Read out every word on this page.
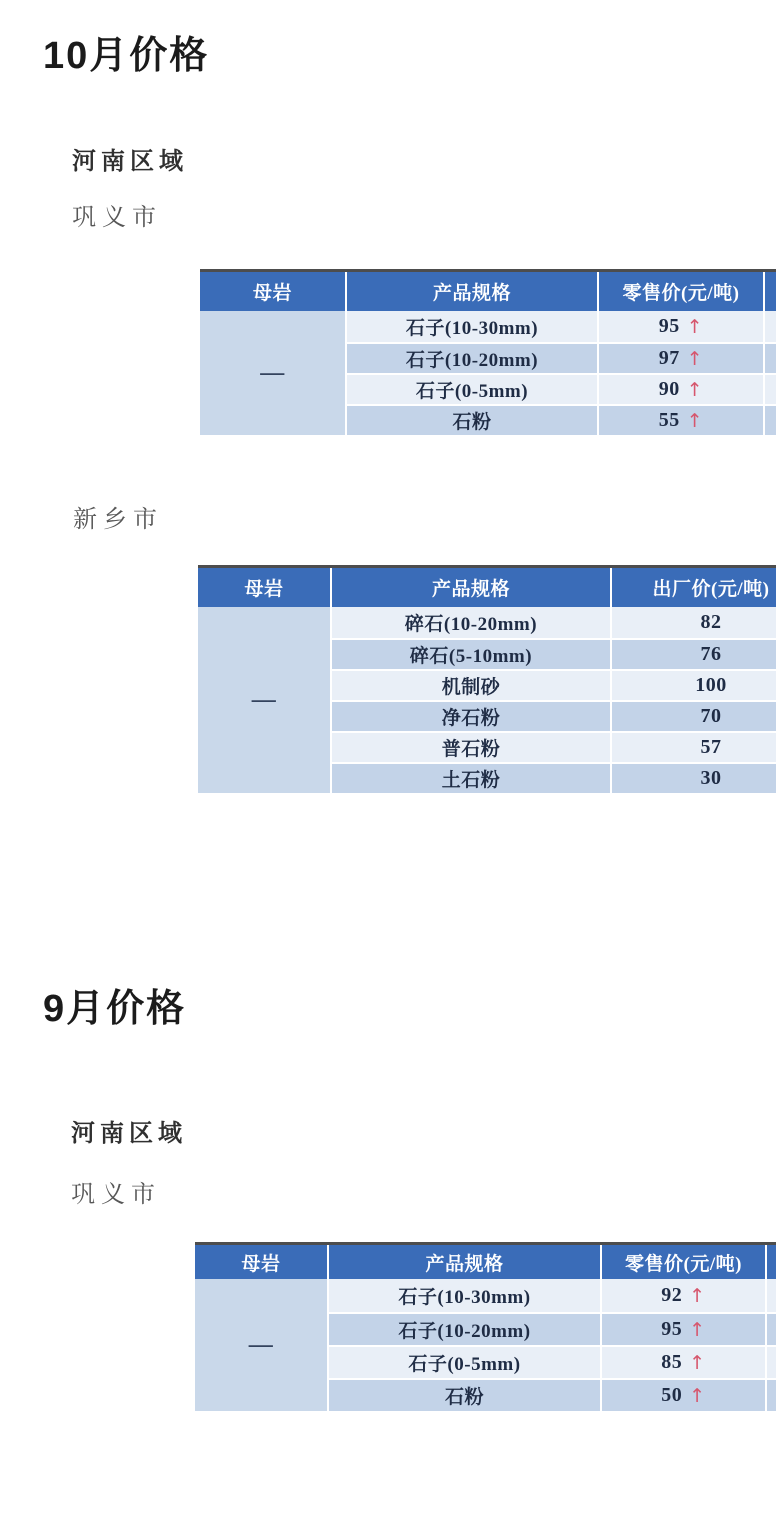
10月价格
河南区域
巩义市
母岩	产品规格	零售价(元/吨)
—
石子(10-30mm)	95 ↑
石子(10-20mm)	97 ↑
石子(0-5mm)	90 ↑
石粉	55 ↑
新乡市
母岩	产品规格	出厂价(元/吨)
—
碎石(10-20mm)	82
碎石(5-10mm)	76
机制砂	100
净石粉	70
普石粉	57
土石粉	30
9月价格
河南区域
巩义市
母岩	产品规格	零售价(元/吨)
—
石子(10-30mm)	92 ↑
石子(10-20mm)	95 ↑
石子(0-5mm)	85 ↑
石粉	50 ↑
